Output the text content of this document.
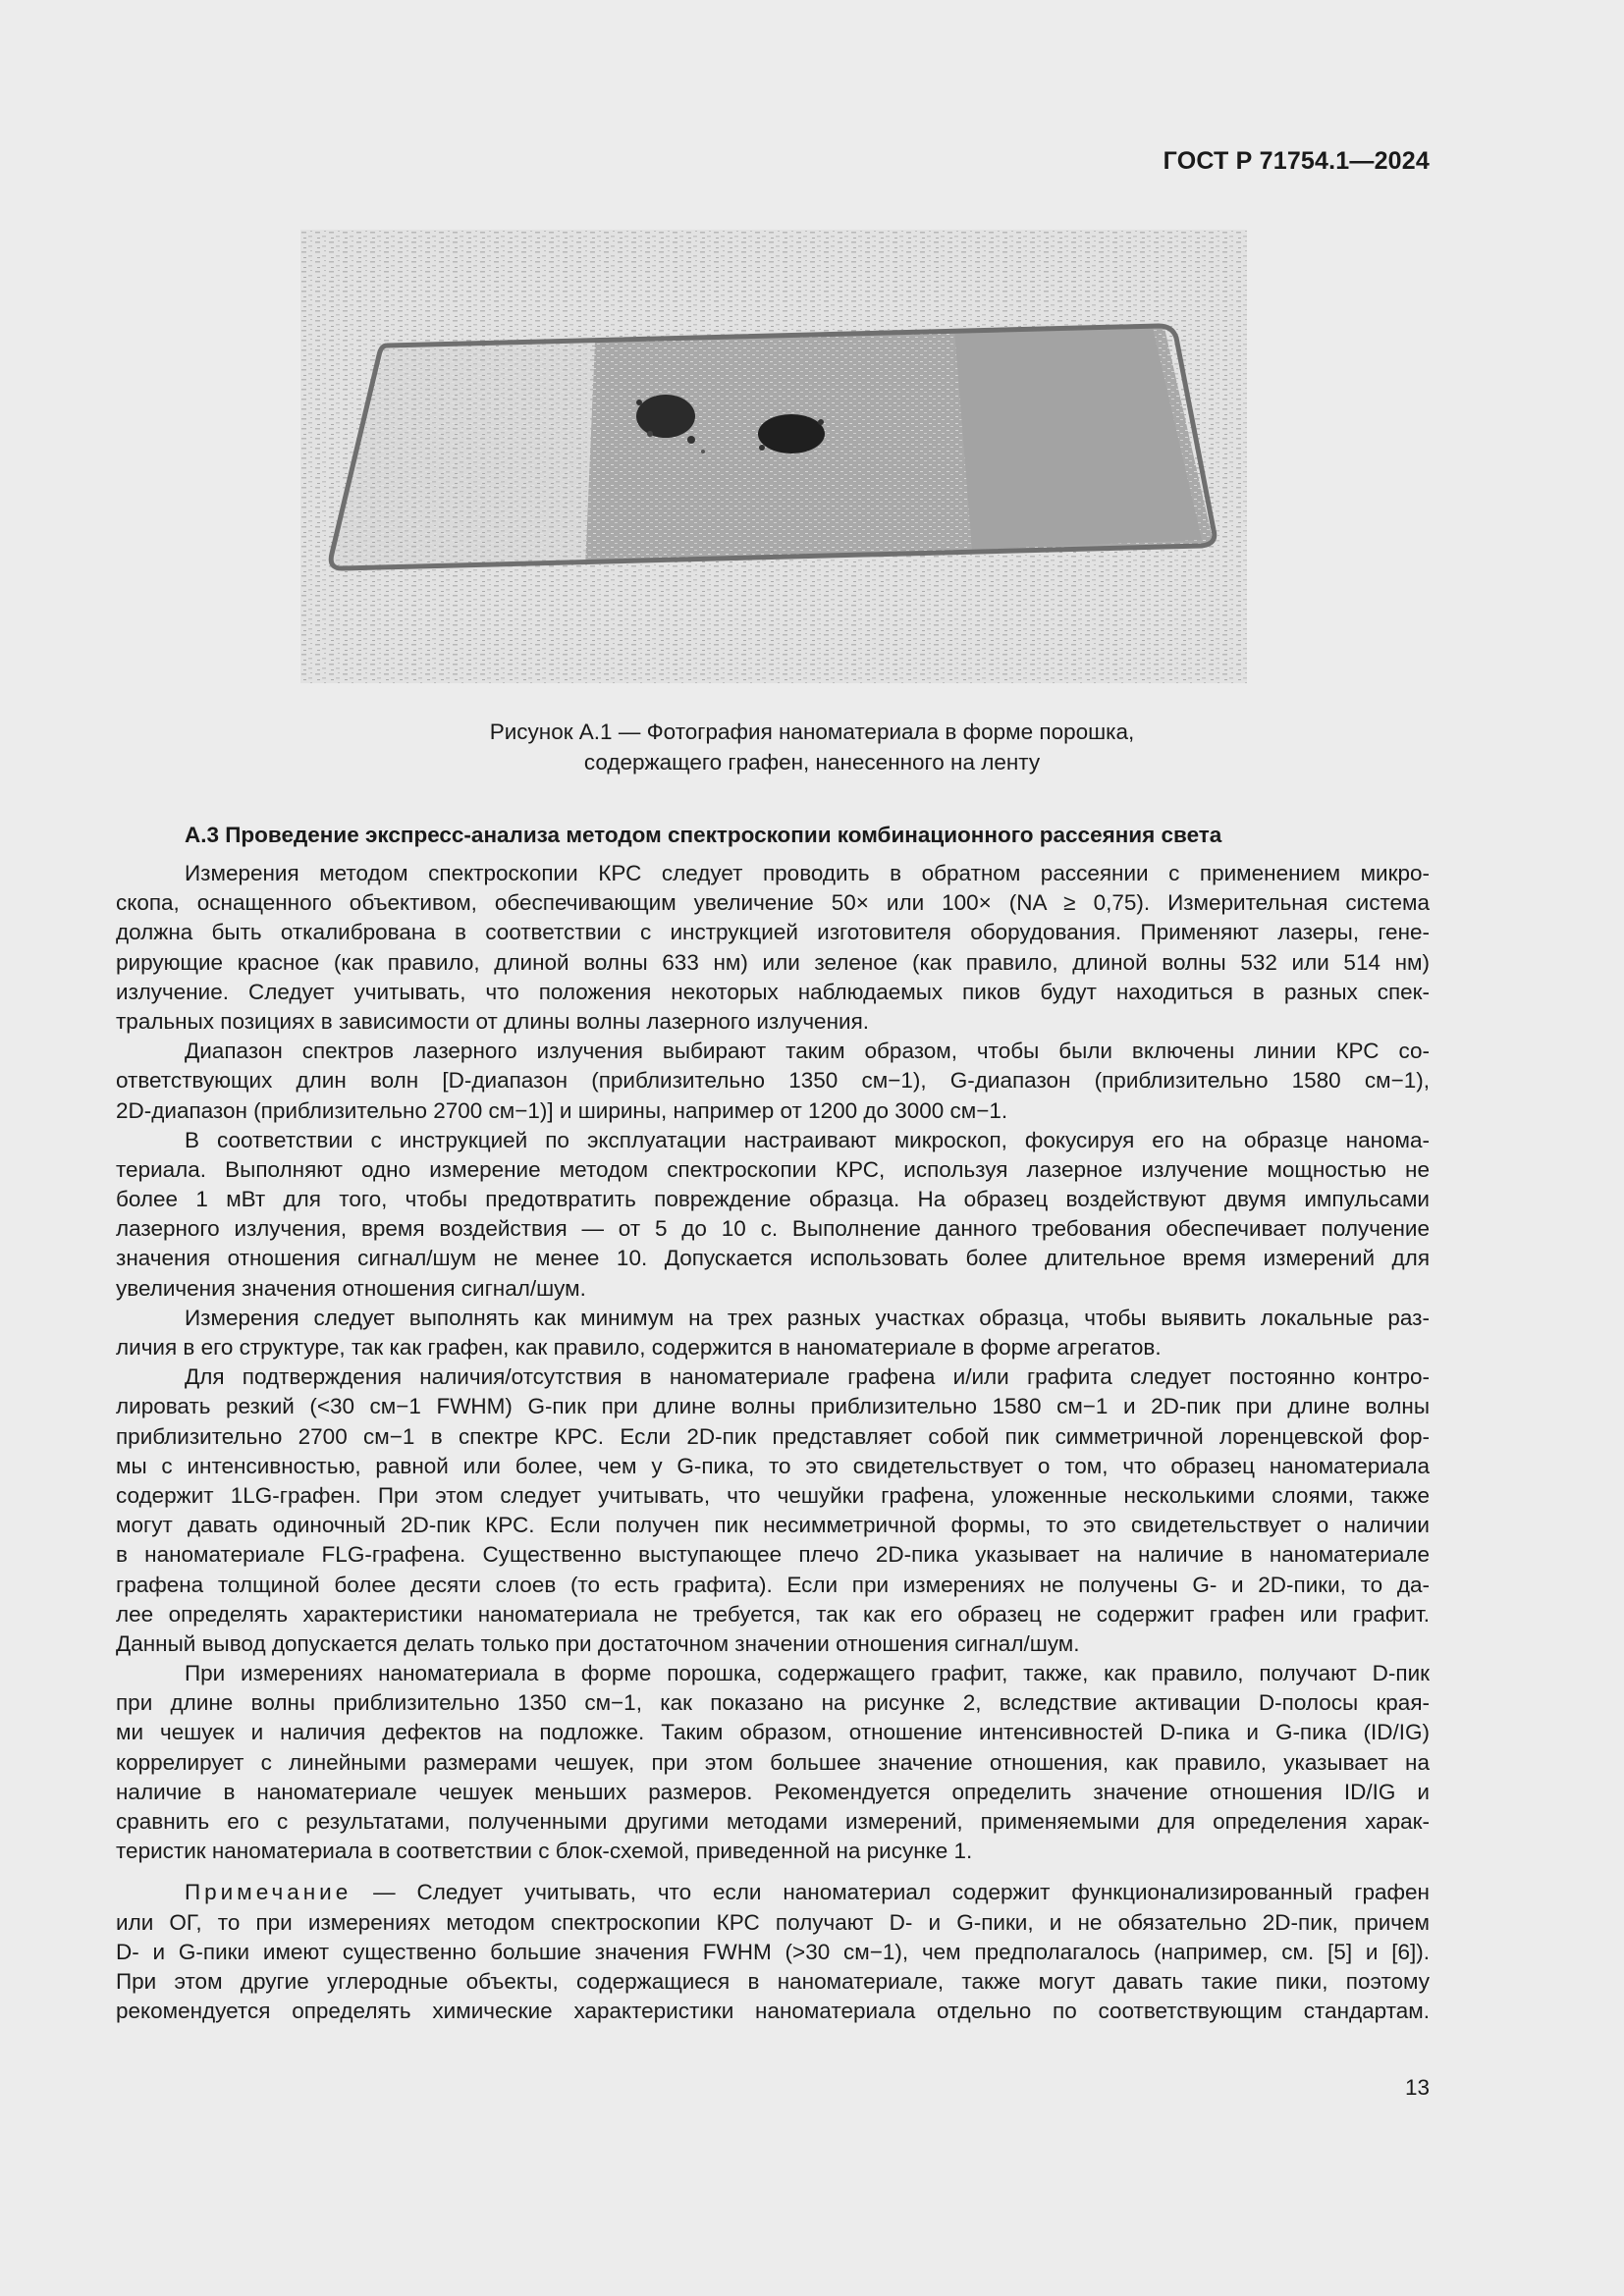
ГОСТ Р 71754.1—2024
Рисунок А.1 — Фотография наноматериала в форме порошка,
содержащего графен, нанесенного на ленту
А.3 Проведение экспресс-анализа методом спектроскопии комбинационного рассеяния света
Измерения методом спектроскопии КРС следует проводить в обратном рассеянии с применением микро-
скопа, оснащенного объективом, обеспечивающим увеличение 50× или 100× (NA ≥ 0,75). Измерительная система
должна быть откалибрована в соответствии с инструкцией изготовителя оборудования. Применяют лазеры, гене-
рирующие красное (как правило, длиной волны 633 нм) или зеленое (как правило, длиной волны 532 или 514 нм)
излучение. Следует учитывать, что положения некоторых наблюдаемых пиков будут находиться в разных спек-
тральных позициях в зависимости от длины волны лазерного излучения.
Диапазон спектров лазерного излучения выбирают таким образом, чтобы были включены линии КРС со-
ответствующих длин волн [D-диапазон (приблизительно 1350 см−1), G-диапазон (приблизительно 1580 см−1),
2D-диапазон (приблизительно 2700 см−1)] и ширины, например от 1200 до 3000 см−1.
В соответствии с инструкцией по эксплуатации настраивают микроскоп, фокусируя его на образце наномa-
териала. Выполняют одно измерение методом спектроскопии КРС, используя лазерное излучение мощностью не
более 1 мВт для того, чтобы предотвратить повреждение образца. На образец воздействуют двумя импульсами
лазерного излучения, время воздействия — от 5 до 10 с. Выполнение данного требования обеспечивает получение
значения отношения сигнал/шум не менее 10. Допускается использовать более длительное время измерений для
увеличения значения отношения сигнал/шум.
Измерения следует выполнять как минимум на трех разных участках образца, чтобы выявить локальные раз-
личия в его структуре, так как графен, как правило, содержится в наноматериале в форме агрегатов.
Для подтверждения наличия/отсутствия в наноматериале графена и/или графита следует постоянно контро-
лировать резкий (<30 см−1 FWHM) G-пик при длине волны приблизительно 1580 см−1 и 2D-пик при длине волны
приблизительно 2700 см−1 в спектре КРС. Если 2D-пик представляет собой пик симметричной лоренцевской фор-
мы с интенсивностью, равной или более, чем у G-пика, то это свидетельствует о том, что образец наноматериала
содержит 1LG-графен. При этом следует учитывать, что чешуйки графена, уложенные несколькими слоями, также
могут давать одиночный 2D-пик КРС. Если получен пик несимметричной формы, то это свидетельствует о наличии
в наноматериале FLG-графена. Существенно выступающее плечо 2D-пика указывает на наличие в наноматериале
графена толщиной более десяти слоев (то есть графита). Если при измерениях не получены G- и 2D-пики, то да-
лее определять характеристики наноматериала не требуется, так как его образец не содержит графен или графит.
Данный вывод допускается делать только при достаточном значении отношения сигнал/шум.
При измерениях наноматериала в форме порошка, содержащего графит, также, как правило, получают D-пик
при длине волны приблизительно 1350 см−1, как показано на рисунке 2, вследствие активации D-полосы края-
ми чешуек и наличия дефектов на подложке. Таким образом, отношение интенсивностей D-пика и G-пика (ID/IG)
коррелирует с линейными размерами чешуек, при этом большее значение отношения, как правило, указывает на
наличие в наноматериале чешуек меньших размеров. Рекомендуется определить значение отношения ID/IG и
сравнить его с результатами, полученными другими методами измерений, применяемыми для определения харак-
теристик наноматериала в соответствии с блок-схемой, приведенной на рисунке 1.
Примечание — Следует учитывать, что если наноматериал содержит функционализированный графен
или ОГ, то при измерениях методом спектроскопии КРС получают D- и G-пики, и не обязательно 2D-пик, причем
D- и G-пики имеют существенно большие значения FWHM (>30 см−1), чем предполагалось (например, см. [5] и [6]).
При этом другие углеродные объекты, содержащиеся в наноматериале, также могут давать такие пики, поэтому
рекомендуется определять химические характеристики наноматериала отдельно по соответствующим стандартам.
13
